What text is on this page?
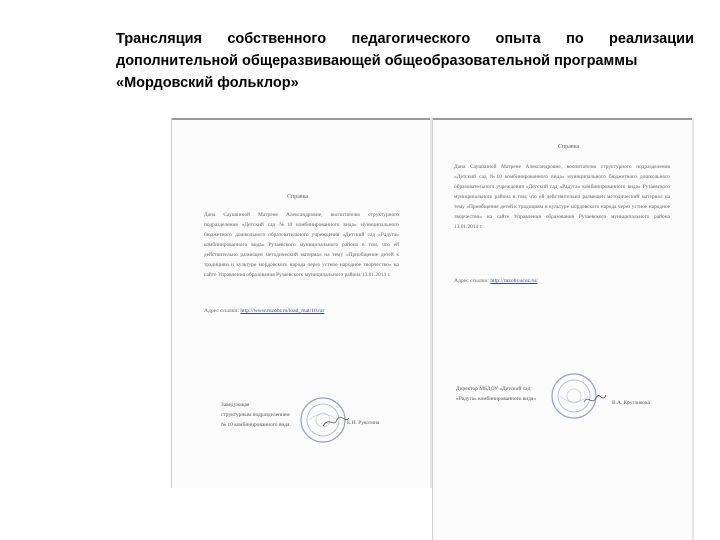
Трансляция собственного педагогического опыта по реализации
дополнительной общеразвивающей общеобразовательной программы
«Мордовский фольклор»
Справка

Дана Саушкиной Матрене Александровне, воспитателю структурного подразделения «Детский сад №10 комбинированного вида» муниципального бюджетного дошкольного образовательного учреждения «Детский сад «Радуга» комбинированного вида» Рузаевского муниципального района в том, что ей действительно размещен методический материал на тему «Приобщение детей к традициям и культуре мордовского народа через устное народное творчество» на сайте Управления образования Рузаевского муниципального района 13.01.2014 г.

Адрес ссылки: http://www.ruzobr.ru/load_mat/10.rar
Заведующая
структурным подразделением
№ 10 комбинированного вида	Е.Н. Рукотина
Справка

Дана Саушкиной Матрене Александровне, воспитателю структурного подразделения «Детский сад №10 комбинированного вида» муниципального бюджетного дошкольного образовательного учреждения «Детский сад «Радуга» комбинированного вида» Рузаевского муниципального района в том, что ей действительно размещен методический материал на тему «Приобщение детей к традициям и культуре мордовского народа через устное народное творчество» на сайте Управления образования Рузаевского муниципального района 13.01.2014 г.

Адрес ссылки: http://ruzobr.ucoz.ru/
Директор МБДОУ «Детский сад
«Радуга» комбинированного вида»
В.А. Кругликова
